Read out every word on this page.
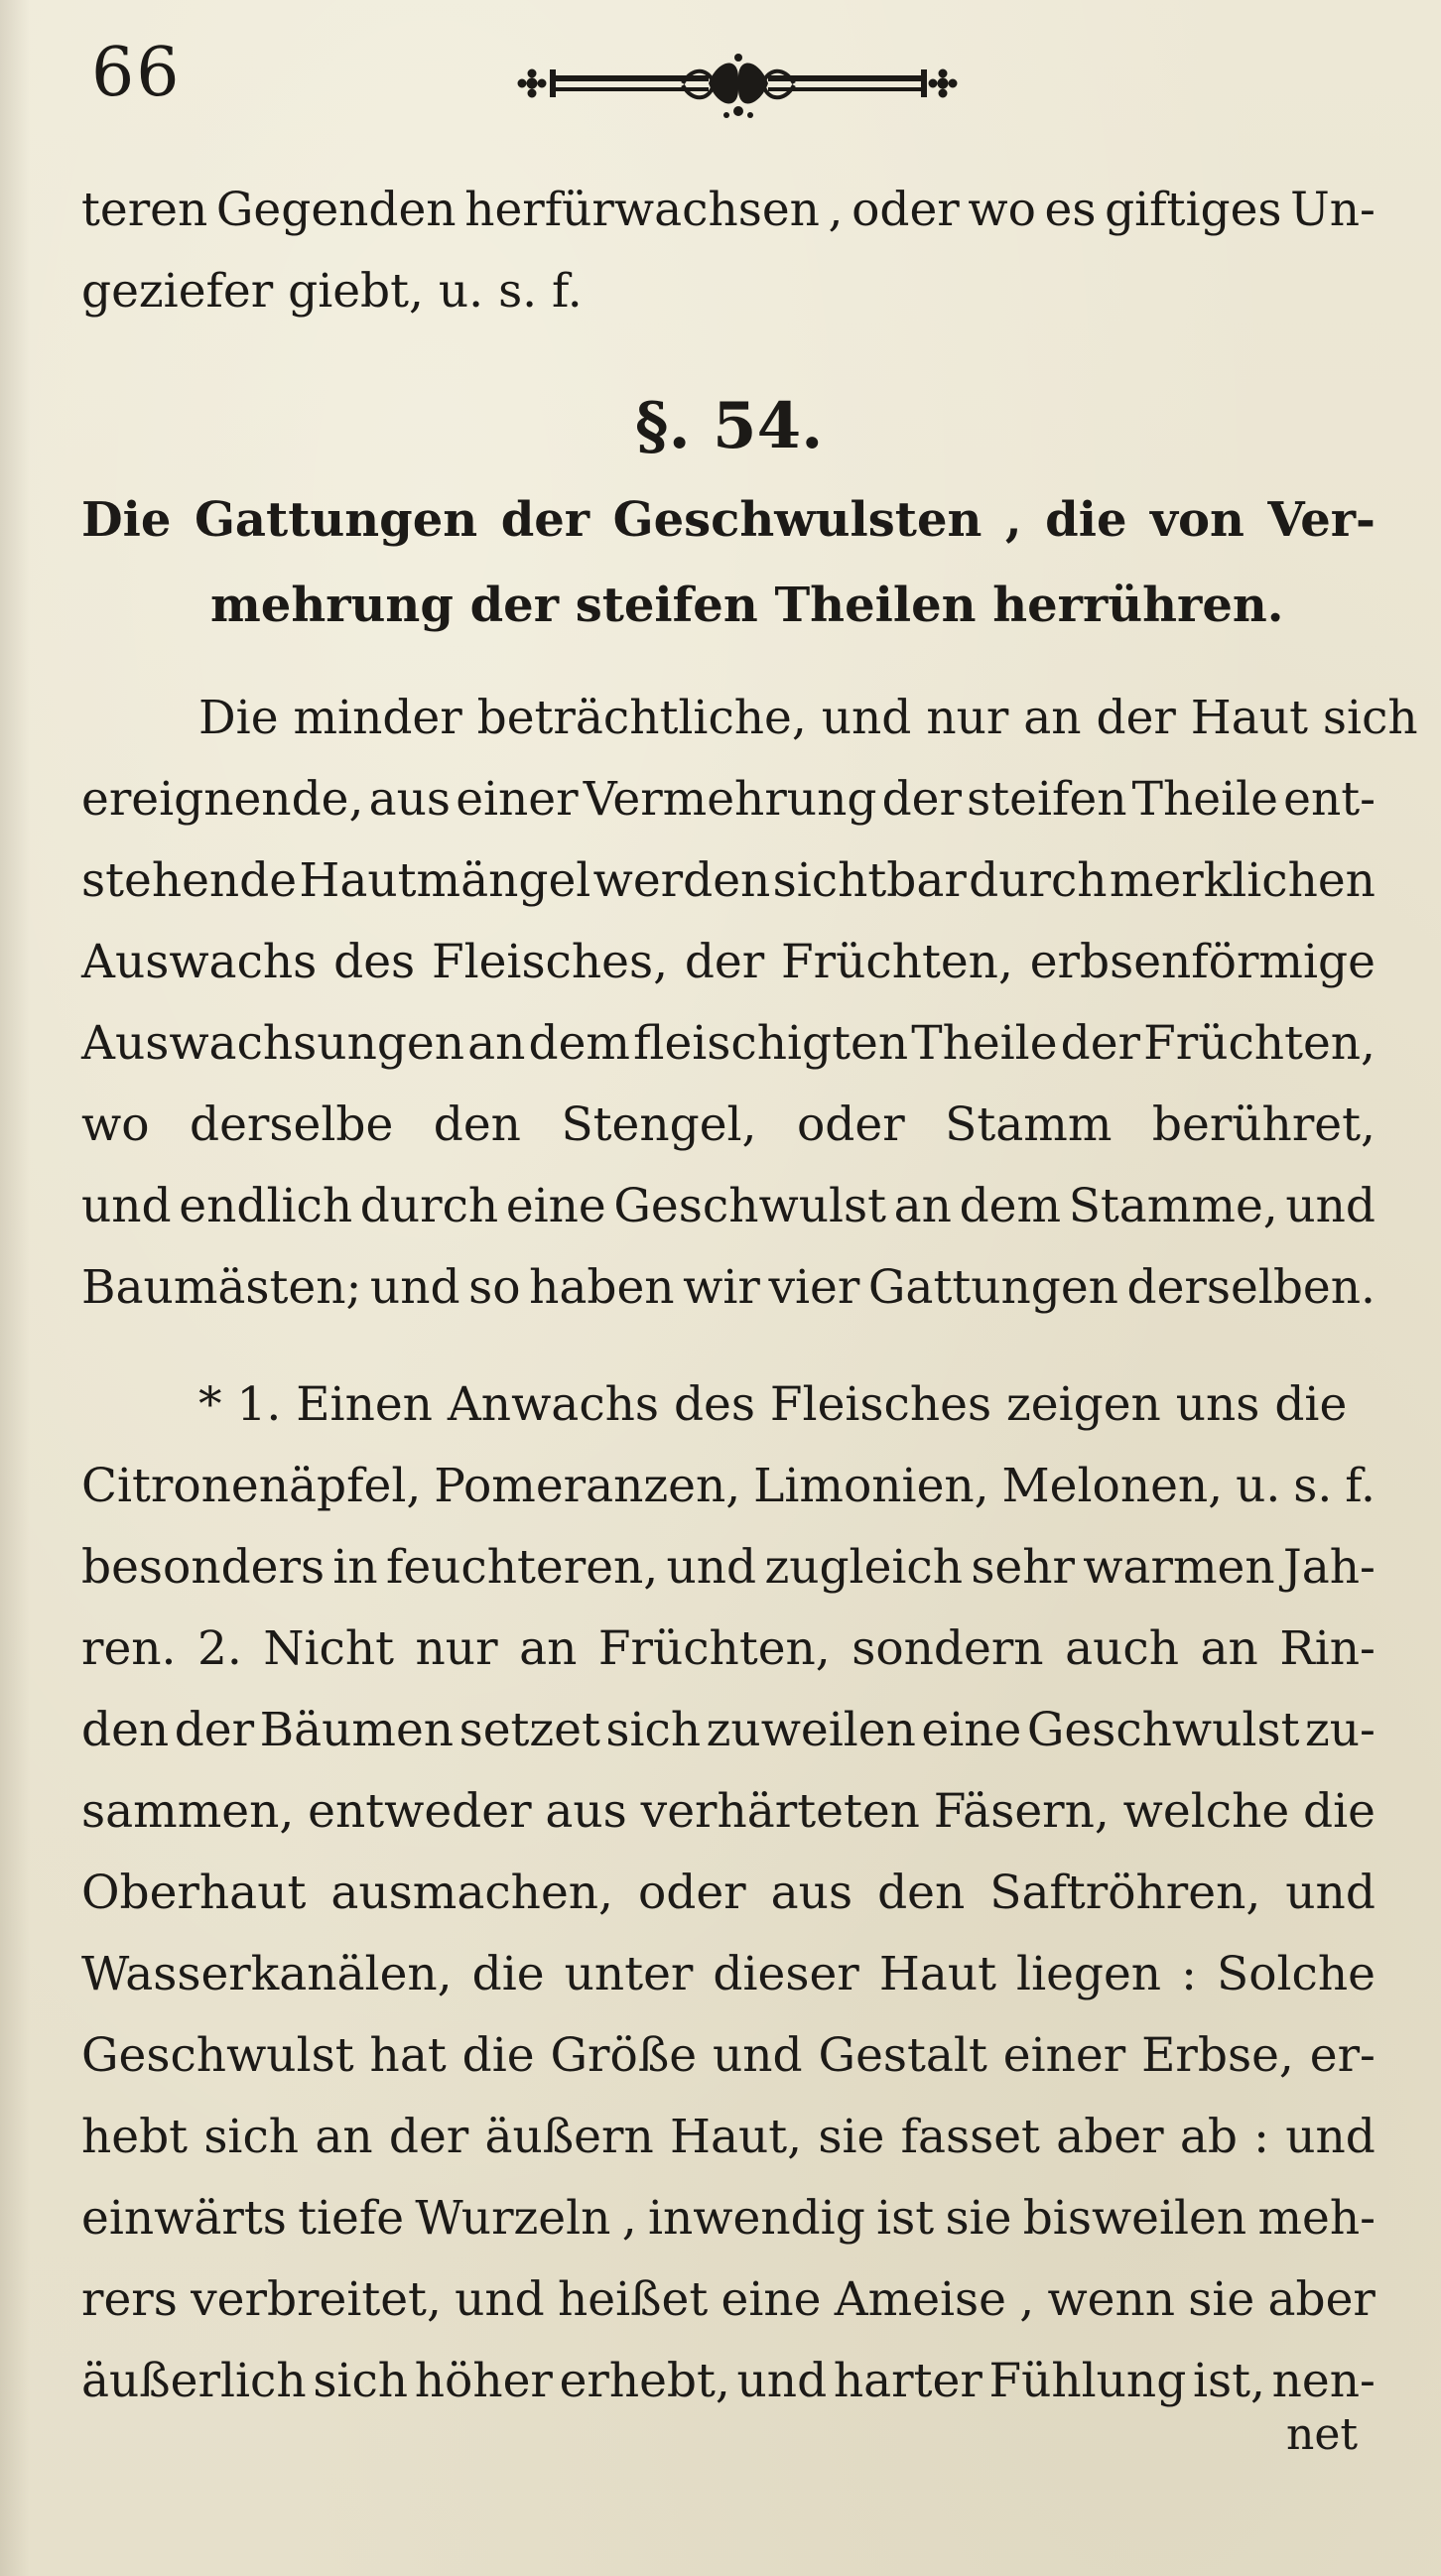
66
teren Gegenden herfürwachsen , oder wo es giftiges Un-
geziefer giebt, u. s. f.
§. 54.
Die Gattungen der Geschwulsten , die von Ver-
mehrung der steifen Theilen herrühren.
Die minder beträchtliche, und nur an der Haut sich
ereignende, aus einer Vermehrung der steifen Theile ent-
stehende Hautmängel werden sichtbar durch merklichen
Auswachs des Fleisches, der Früchten, erbsenförmige
Auswachsungen an dem fleischigten Theile der Früchten,
wo derselbe den Stengel, oder Stamm berühret,
und endlich durch eine Geschwulst an dem Stamme, und
Baumästen; und so haben wir vier Gattungen derselben.
* 1. Einen Anwachs des Fleisches zeigen uns die
Citronenäpfel, Pomeranzen, Limonien, Melonen, u. s. f.
besonders in feuchteren, und zugleich sehr warmen Jah-
ren. 2. Nicht nur an Früchten, sondern auch an Rin-
den der Bäumen setzet sich zuweilen eine Geschwulst zu-
sammen, entweder aus verhärteten Fäsern, welche die
Oberhaut ausmachen, oder aus den Saftröhren, und
Wasserkanälen, die unter dieser Haut liegen : Solche
Geschwulst hat die Größe und Gestalt einer Erbse, er-
hebt sich an der äußern Haut, sie fasset aber ab : und
einwärts tiefe Wurzeln , inwendig ist sie bisweilen meh-
rers verbreitet, und heißet eine Ameise , wenn sie aber
äußerlich sich höher erhebt, und harter Fühlung ist, nen-
net
